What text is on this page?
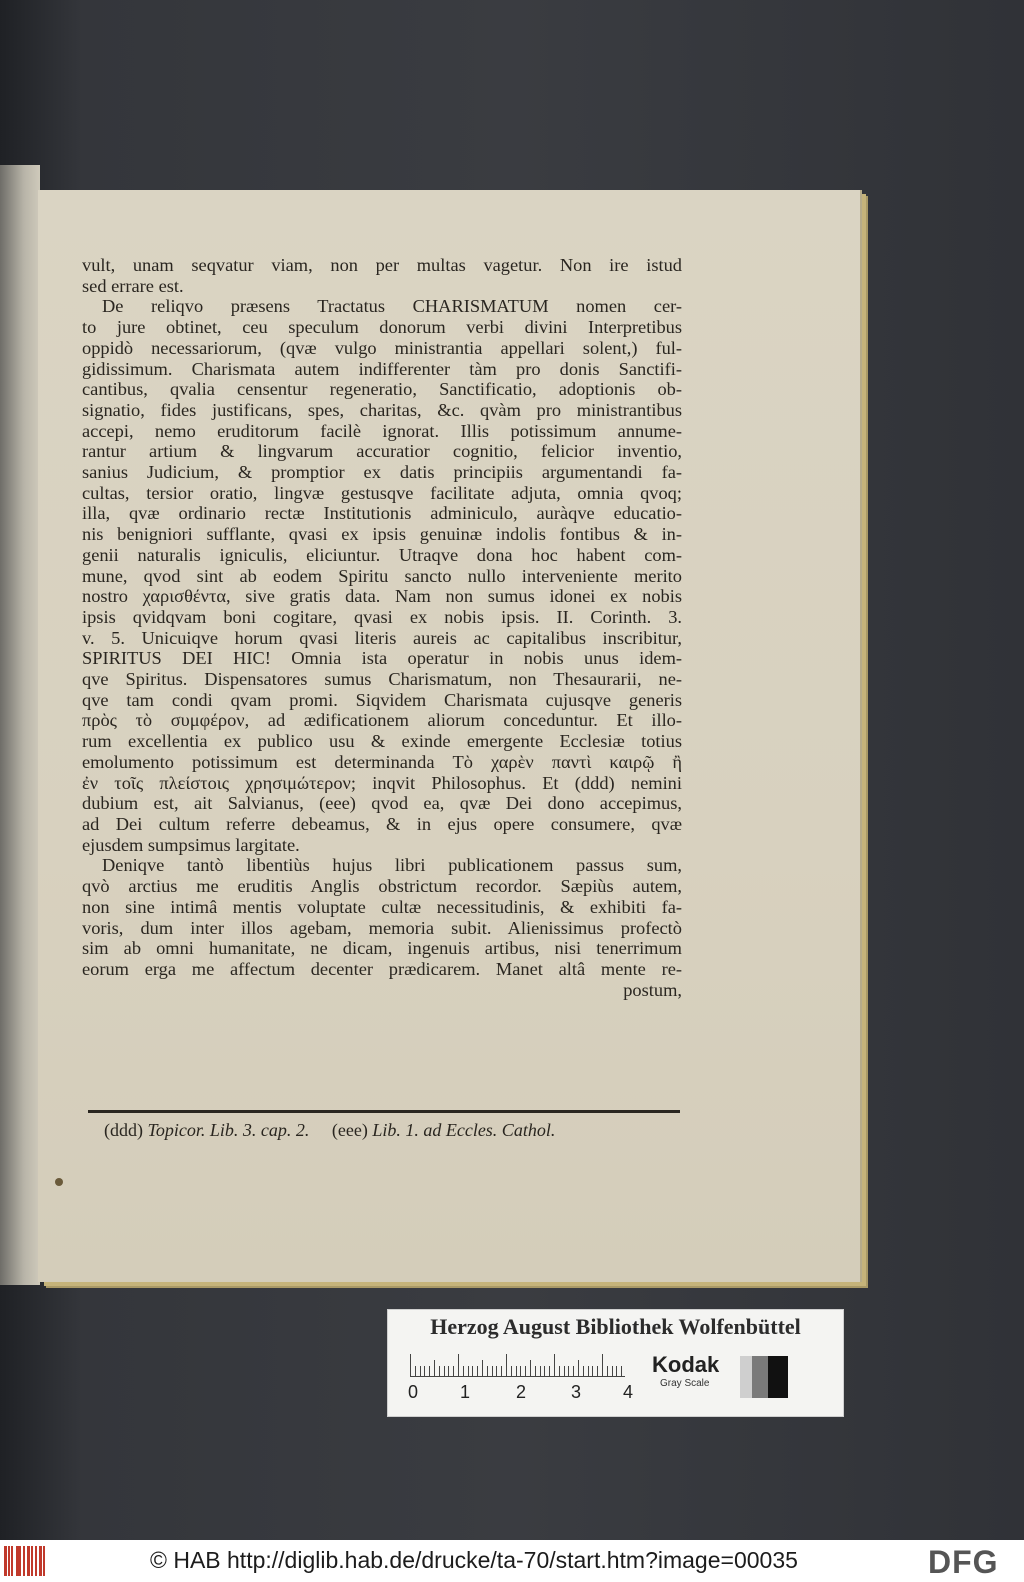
vult, unam seqvatur viam, non per multas vagetur. Non ire istud
sed errare est.
De reliqvo præsens Tractatus CHARISMATUM nomen cer-
to jure obtinet, ceu speculum donorum verbi divini Interpretibus
oppidò necessariorum, (qvæ vulgo ministrantia appellari solent,) ful-
gidissimum. Charismata autem indifferenter tàm pro donis Sanctifi-
cantibus, qvalia censentur regeneratio, Sanctificatio, adoptionis ob-
signatio, fides justificans, spes, charitas, &c. qvàm pro ministrantibus
accepi, nemo eruditorum facilè ignorat. Illis potissimum annume-
rantur artium & lingvarum accuratior cognitio, felicior inventio,
sanius Judicium, & promptior ex datis principiis argumentandi fa-
cultas, tersior oratio, lingvæ gestusqve facilitate adjuta, omnia qvoq;
illa, qvæ ordinario rectæ Institutionis adminiculo, auràqve educatio-
nis benigniori sufflante, qvasi ex ipsis genuinæ indolis fontibus & in-
genii naturalis igniculis, eliciuntur. Utraqve dona hoc habent com-
mune, qvod sint ab eodem Spiritu sancto nullo interveniente merito
nostro χαρισθέντα, sive gratis data. Nam non sumus idonei ex nobis
ipsis qvidqvam boni cogitare, qvasi ex nobis ipsis. II. Corinth. 3.
v. 5. Unicuiqve horum qvasi literis aureis ac capitalibus inscribitur,
SPIRITUS DEI HIC! Omnia ista operatur in nobis unus idem-
qve Spiritus. Dispensatores sumus Charismatum, non Thesaurarii, ne-
qve tam condi qvam promi. Siqvidem Charismata cujusqve generis
πρὸς τὸ συμφέρον, ad ædificationem aliorum conceduntur. Et illo-
rum excellentia ex publico usu & exinde emergente Ecclesiæ totius
emolumento potissimum est determinanda Τὸ χαρὲν παντὶ καιρῷ ἢ
ἐν τοῖς πλείστοις χρησιμώτερον; inqvit Philosophus. Et (ddd) nemini
dubium est, ait Salvianus, (eee) qvod ea, qvæ Dei dono accepimus,
ad Dei cultum referre debeamus, & in ejus opere consumere, qvæ
ejusdem sumpsimus largitate.
Deniqve tantò libentiùs hujus libri publicationem passus sum,
qvò arctius me eruditis Anglis obstrictum recordor. Sæpiùs autem,
non sine intimâ mentis voluptate cultæ necessitudinis, & exhibiti fa-
voris, dum inter illos agebam, memoria subit. Alienissimus profectò
sim ab omni humanitate, ne dicam, ingenuis artibus, nisi tenerrimum
eorum erga me affectum decenter prædicarem. Manet altâ mente re-
postum,
(ddd) Topicor. Lib. 3. cap. 2. (eee) Lib. 1. ad Eccles. Cathol.
Herzog August Bibliothek Wolfenbüttel
0 1	2 3 4
Kodak
Gray Scale
© HAB http://diglib.hab.de/drucke/ta-70/start.htm?image=00035	DFG
